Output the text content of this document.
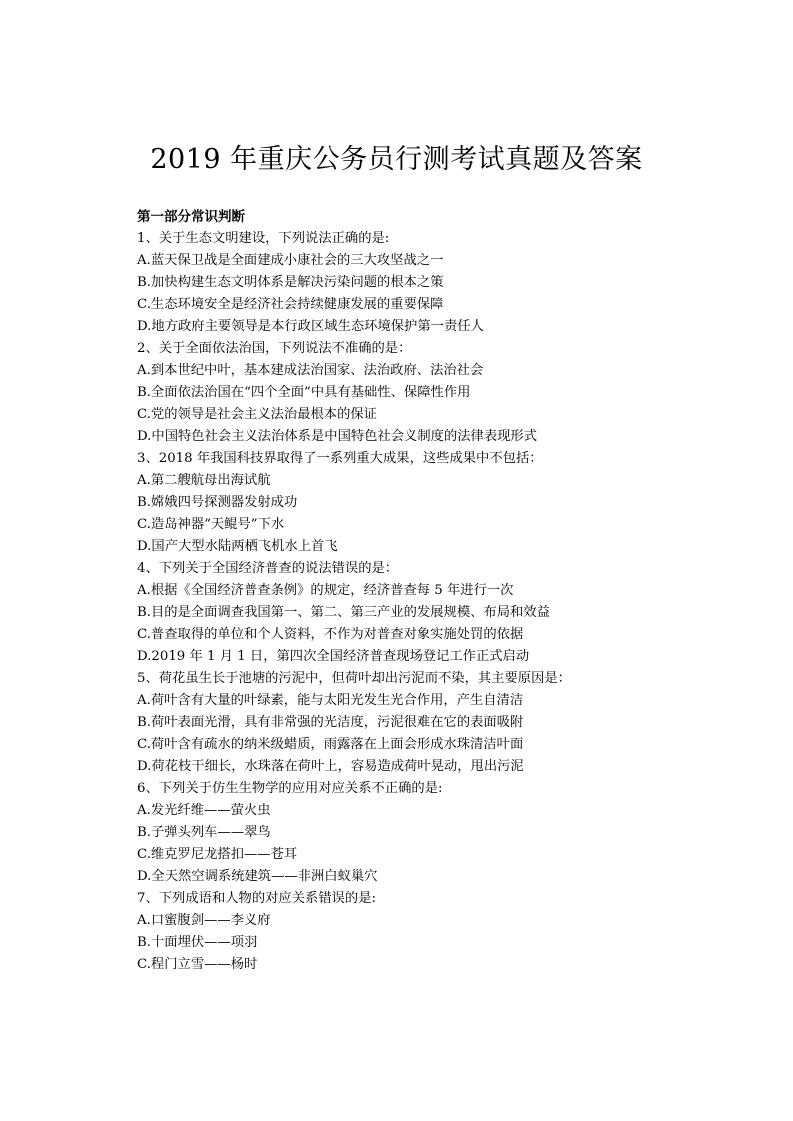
2019 年重庆公务员行测考试真题及答案
第一部分常识判断
1、关于生态文明建设，下列说法正确的是:
A.蓝天保卫战是全面建成小康社会的三大攻坚战之一
B.加快构建生态文明体系是解决污染问题的根本之策
C.生态环境安全是经济社会持续健康发展的重要保障
D.地方政府主要领导是本行政区域生态环境保护第一责任人
2、关于全面依法治国，下列说法不准确的是：
A.到本世纪中叶，基本建成法治国家、法治政府、法治社会
B.全面依法治国在“四个全面”中具有基础性、保障性作用
C.党的领导是社会主义法治最根本的保证
D.中国特色社会主义法治体系是中国特色社会义制度的法律表现形式
3、2018 年我国科技界取得了一系列重大成果，这些成果中不包括：
A.第二艘航母出海试航
B.嫦娥四号探测器发射成功
C.造岛神器“天鲲号”下水
D.国产大型水陆两栖飞机水上首飞
4、下列关于全国经济普查的说法错误的是：
A.根据《全国经济普查条例》的规定，经济普查每 5 年进行一次
B.目的是全面调查我国第一、第二、第三产业的发展规模、布局和效益
C.普查取得的单位和个人资料，不作为对普查对象实施处罚的依据
D.2019 年 1 月 1 日，第四次全国经济普查现场登记工作正式启动
5、荷花虽生长于池塘的污泥中，但荷叶却出污泥而不染，其主要原因是：
A.荷叶含有大量的叶绿素，能与太阳光发生光合作用，产生自清洁
B.荷叶表面光滑，具有非常强的光洁度，污泥很难在它的表面吸附
C.荷叶含有疏水的纳米级蜡质，雨露落在上面会形成水珠清洁叶面
D.荷花枝干细长，水珠落在荷叶上，容易造成荷叶晃动，甩出污泥
6、下列关于仿生生物学的应用对应关系不正确的是:
A.发光纤维——萤火虫
B.子弹头列车——翠鸟
C.维克罗尼龙搭扣——苍耳
D.全天然空调系统建筑——非洲白蚁巢穴
7、下列成语和人物的对应关系错误的是:
A.口蜜腹剑——李义府
B.十面埋伏——项羽
C.程门立雪——杨时
